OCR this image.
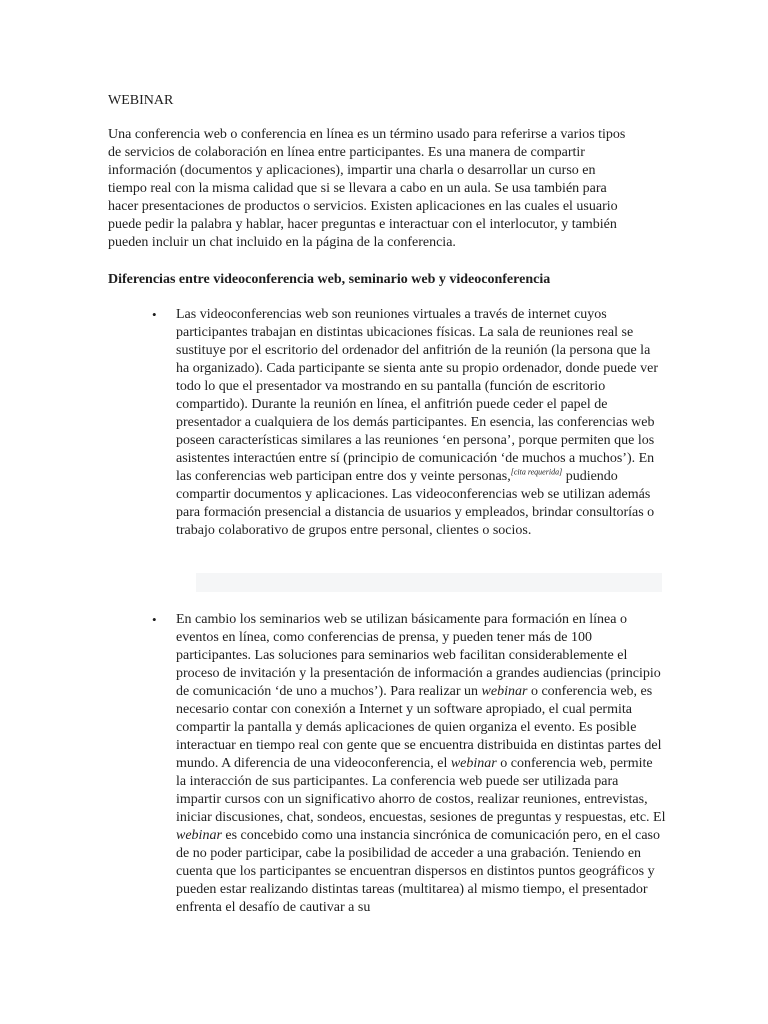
WEBINAR
Una conferencia web o conferencia en línea es un término usado para referirse a varios tipos de servicios de colaboración en línea entre participantes. Es una manera de compartir información (documentos y aplicaciones), impartir una charla o desarrollar un curso en tiempo real con la misma calidad que si se llevara a cabo en un aula. Se usa también para hacer presentaciones de productos o servicios. Existen aplicaciones en las cuales el usuario puede pedir la palabra y hablar, hacer preguntas e interactuar con el interlocutor, y también pueden incluir un chat incluido en la página de la conferencia.
Diferencias entre videoconferencia web, seminario web y videoconferencia
• Las videoconferencias web son reuniones virtuales a través de internet cuyos participantes trabajan en distintas ubicaciones físicas. La sala de reuniones real se sustituye por el escritorio del ordenador del anfitrión de la reunión (la persona que la ha organizado). Cada participante se sienta ante su propio ordenador, donde puede ver todo lo que el presentador va mostrando en su pantalla (función de escritorio compartido). Durante la reunión en línea, el anfitrión puede ceder el papel de presentador a cualquiera de los demás participantes. En esencia, las conferencias web poseen características similares a las reuniones ‘en persona’, porque permiten que los asistentes interactúen entre sí (principio de comunicación ‘de muchos a muchos’). En las conferencias web participan entre dos y veinte personas,[cita requerida] pudiendo compartir documentos y aplicaciones. Las videoconferencias web se utilizan además para formación presencial a distancia de usuarios y empleados, brindar consultorías o trabajo colaborativo de grupos entre personal, clientes o socios.
• En cambio los seminarios web se utilizan básicamente para formación en línea o eventos en línea, como conferencias de prensa, y pueden tener más de 100 participantes. Las soluciones para seminarios web facilitan considerablemente el proceso de invitación y la presentación de información a grandes audiencias (principio de comunicación ‘de uno a muchos’). Para realizar un webinar o conferencia web, es necesario contar con conexión a Internet y un software apropiado, el cual permita compartir la pantalla y demás aplicaciones de quien organiza el evento. Es posible interactuar en tiempo real con gente que se encuentra distribuida en distintas partes del mundo. A diferencia de una videoconferencia, el webinar o conferencia web, permite la interacción de sus participantes. La conferencia web puede ser utilizada para impartir cursos con un significativo ahorro de costos, realizar reuniones, entrevistas, iniciar discusiones, chat, sondeos, encuestas, sesiones de preguntas y respuestas, etc. El webinar es concebido como una instancia sincrónica de comunicación pero, en el caso de no poder participar, cabe la posibilidad de acceder a una grabación. Teniendo en cuenta que los participantes se encuentran dispersos en distintos puntos geográficos y pueden estar realizando distintas tareas (multitarea) al mismo tiempo, el presentador enfrenta el desafío de cautivar a su
